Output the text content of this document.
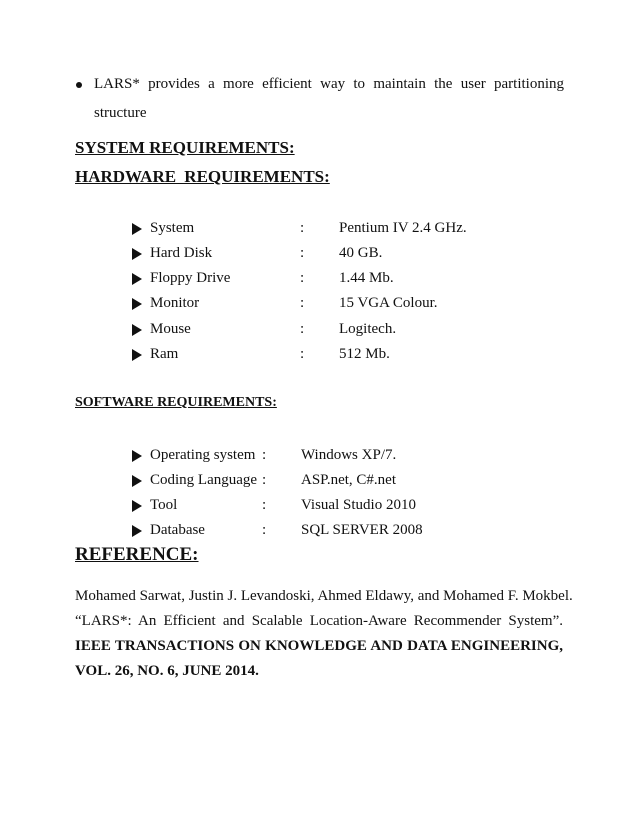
LARS* provides a more efficient way to maintain the user partitioning
structure
SYSTEM REQUIREMENTS:
HARDWARE REQUIREMENTS:
System	: Pentium IV 2.4 GHz.
Hard Disk	: 40 GB.
Floppy Drive	: 1.44 Mb.
Monitor	: 15 VGA Colour.
Mouse	: Logitech.
Ram	: 512 Mb.
SOFTWARE REQUIREMENTS:
Operating system : Windows XP/7.
Coding Language : ASP.net, C#.net
Tool	: Visual Studio 2010
Database	: SQL SERVER 2008
REFERENCE:
Mohamed Sarwat, Justin J. Levandoski, Ahmed Eldawy, and Mohamed F. Mokbel.
“LARS*: An Efficient and Scalable Location-Aware Recommender System”.
IEEE TRANSACTIONS ON KNOWLEDGE AND DATA ENGINEERING,
VOL. 26, NO. 6, JUNE 2014.
